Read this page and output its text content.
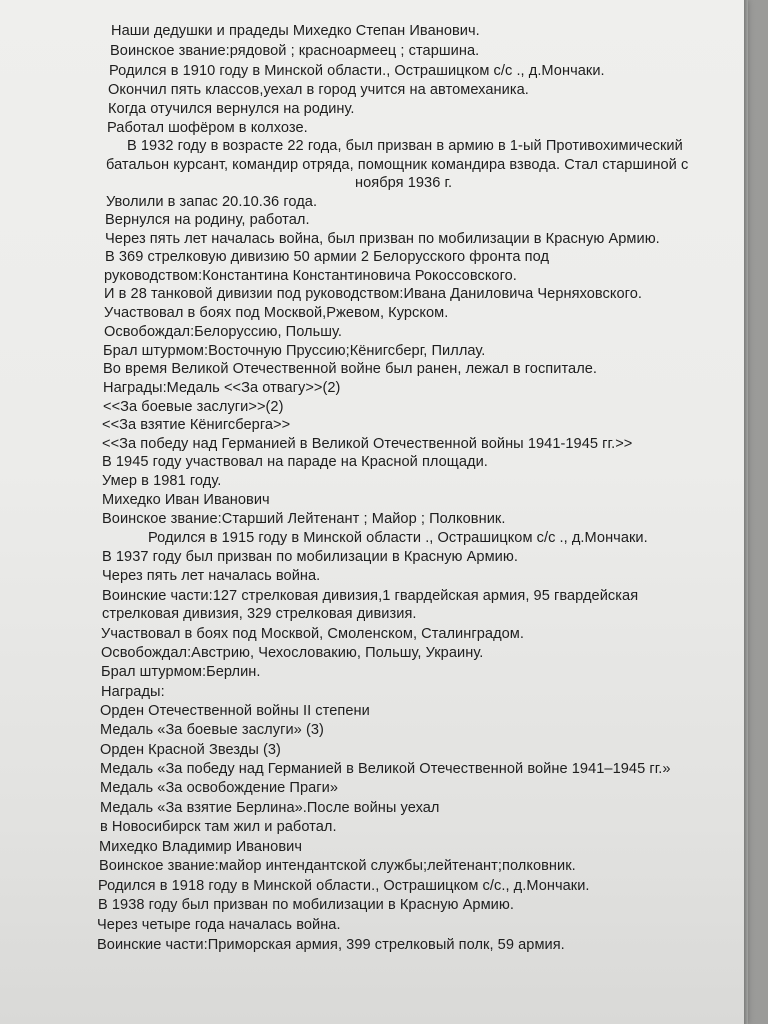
Наши дедушки и прадеды Михедко Степан Иванович.
Воинское звание:рядовой ; красноармеец ; старшина.
Родился в 1910 году в Минской области., Острашицком с/с ., д.Мончаки.
Окончил пять классов,уехал в город учится на автомеханика.
Когда отучился вернулся на родину.
Работал шофёром в колхозе.
В 1932 году в возрасте 22 года, был призван в армию в 1-ый Противохимический
батальон курсант, командир отряда, помощник командира взвода. Стал старшиной с
ноября 1936 г.
Уволили в запас 20.10.36 года.
Вернулся на родину, работал.
Через пять лет началась война, был призван по мобилизации в Красную Армию.
В 369 стрелковую дивизию 50 армии 2 Белорусского фронта под
руководством:Константина Константиновича Рокоссовского.
И в 28 танковой дивизии под руководством:Ивана Даниловича Черняховского.
Участвовал в боях под Москвой,Ржевом, Курском.
Освобождал:Белоруссию, Польшу.
Брал штурмом:Восточную Пруссию;Кёнигсберг, Пиллау.
Во время Великой Отечественной войне был ранен, лежал в госпитале.
Награды:Медаль <<За отвагу>>(2)
<<За боевые заслуги>>(2)
<<За взятие Кёнигсберга>>
<<За победу над Германией в Великой Отечественной войны 1941-1945 гг.>>
В 1945 году участвовал на параде на Красной площади.
Умер в 1981 году.
Михедко Иван Иванович
Воинское звание:Старший Лейтенант ; Майор ; Полковник.
Родился в 1915 году в Минской области ., Острашицком с/с ., д.Мончаки.
В 1937 году был призван по мобилизации в Красную Армию.
Через пять лет началась война.
Воинские части:127 стрелковая дивизия,1 гвардейская армия, 95 гвардейская
стрелковая дивизия, 329 стрелковая дивизия.
Участвовал в боях под Москвой, Смоленском, Сталинградом.
Освобождал:Австрию, Чехословакию, Польшу, Украину.
Брал штурмом:Берлин.
Награды:
Орден Отечественной войны II степени
Медаль «За боевые заслуги» (3)
Орден Красной Звезды (3)
Медаль «За победу над Германией в Великой Отечественной войне 1941–1945 гг.»
Медаль «За освобождение Праги»
Медаль «За взятие Берлина».После войны уехал
в Новосибирск там жил и работал.
Михедко Владимир Иванович
Воинское звание:майор интендантской службы;лейтенант;полковник.
Родился в 1918 году в Минской области., Острашицком с/с., д.Мончаки.
В 1938 году был призван по мобилизации в Красную Армию.
Через четыре года началась война.
Воинские части:Приморская армия, 399 стрелковый полк, 59 армия.
